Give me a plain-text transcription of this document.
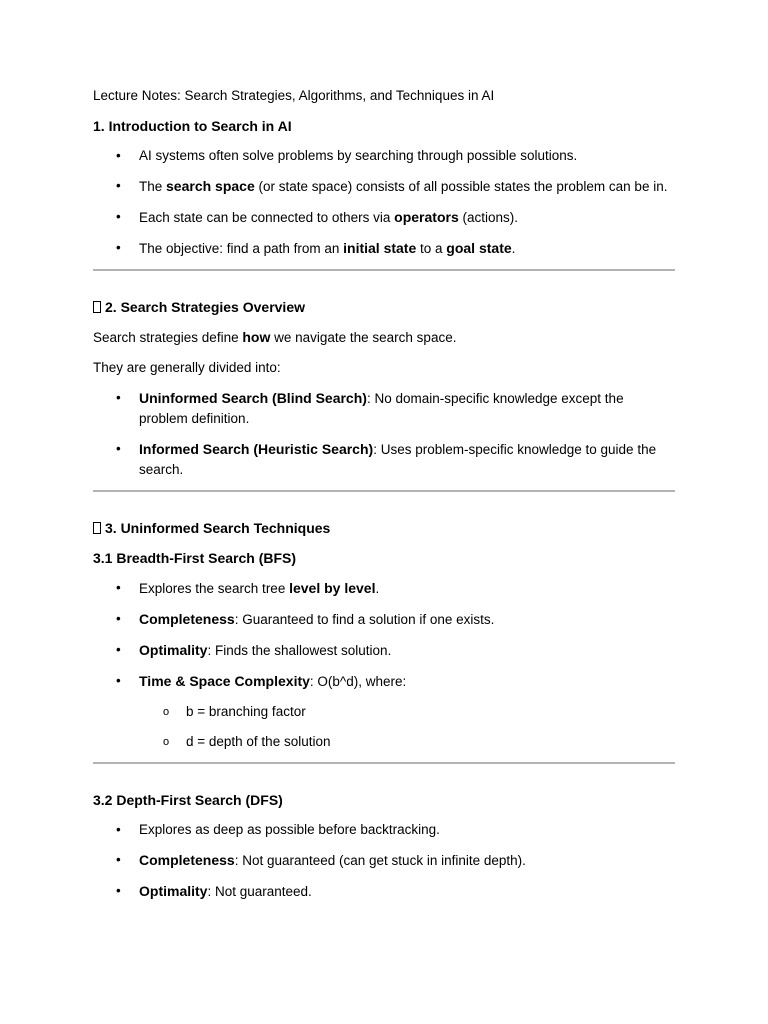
Lecture Notes: Search Strategies, Algorithms, and Techniques in AI

1. Introduction to Search in AI
• AI systems often solve problems by searching through possible solutions.
• The search space (or state space) consists of all possible states the problem can be in.
• Each state can be connected to others via operators (actions).
• The objective: find a path from an initial state to a goal state.
2. Search Strategies Overview

Search strategies define how we navigate the search space.

They are generally divided into:

• Uninformed Search (Blind Search): No domain-specific knowledge except the problem definition.
• Informed Search (Heuristic Search): Uses problem-specific knowledge to guide the search.
3. Uninformed Search Techniques
3.1 Breadth-First Search (BFS)
• Explores the search tree level by level.
• Completeness: Guaranteed to find a solution if one exists.
• Optimality: Finds the shallowest solution.
• Time & Space Complexity: O(b^d), where:
o b = branching factor
o d = depth of the solution
3.2 Depth-First Search (DFS)
• Explores as deep as possible before backtracking.
• Completeness: Not guaranteed (can get stuck in infinite depth).
• Optimality: Not guaranteed.
